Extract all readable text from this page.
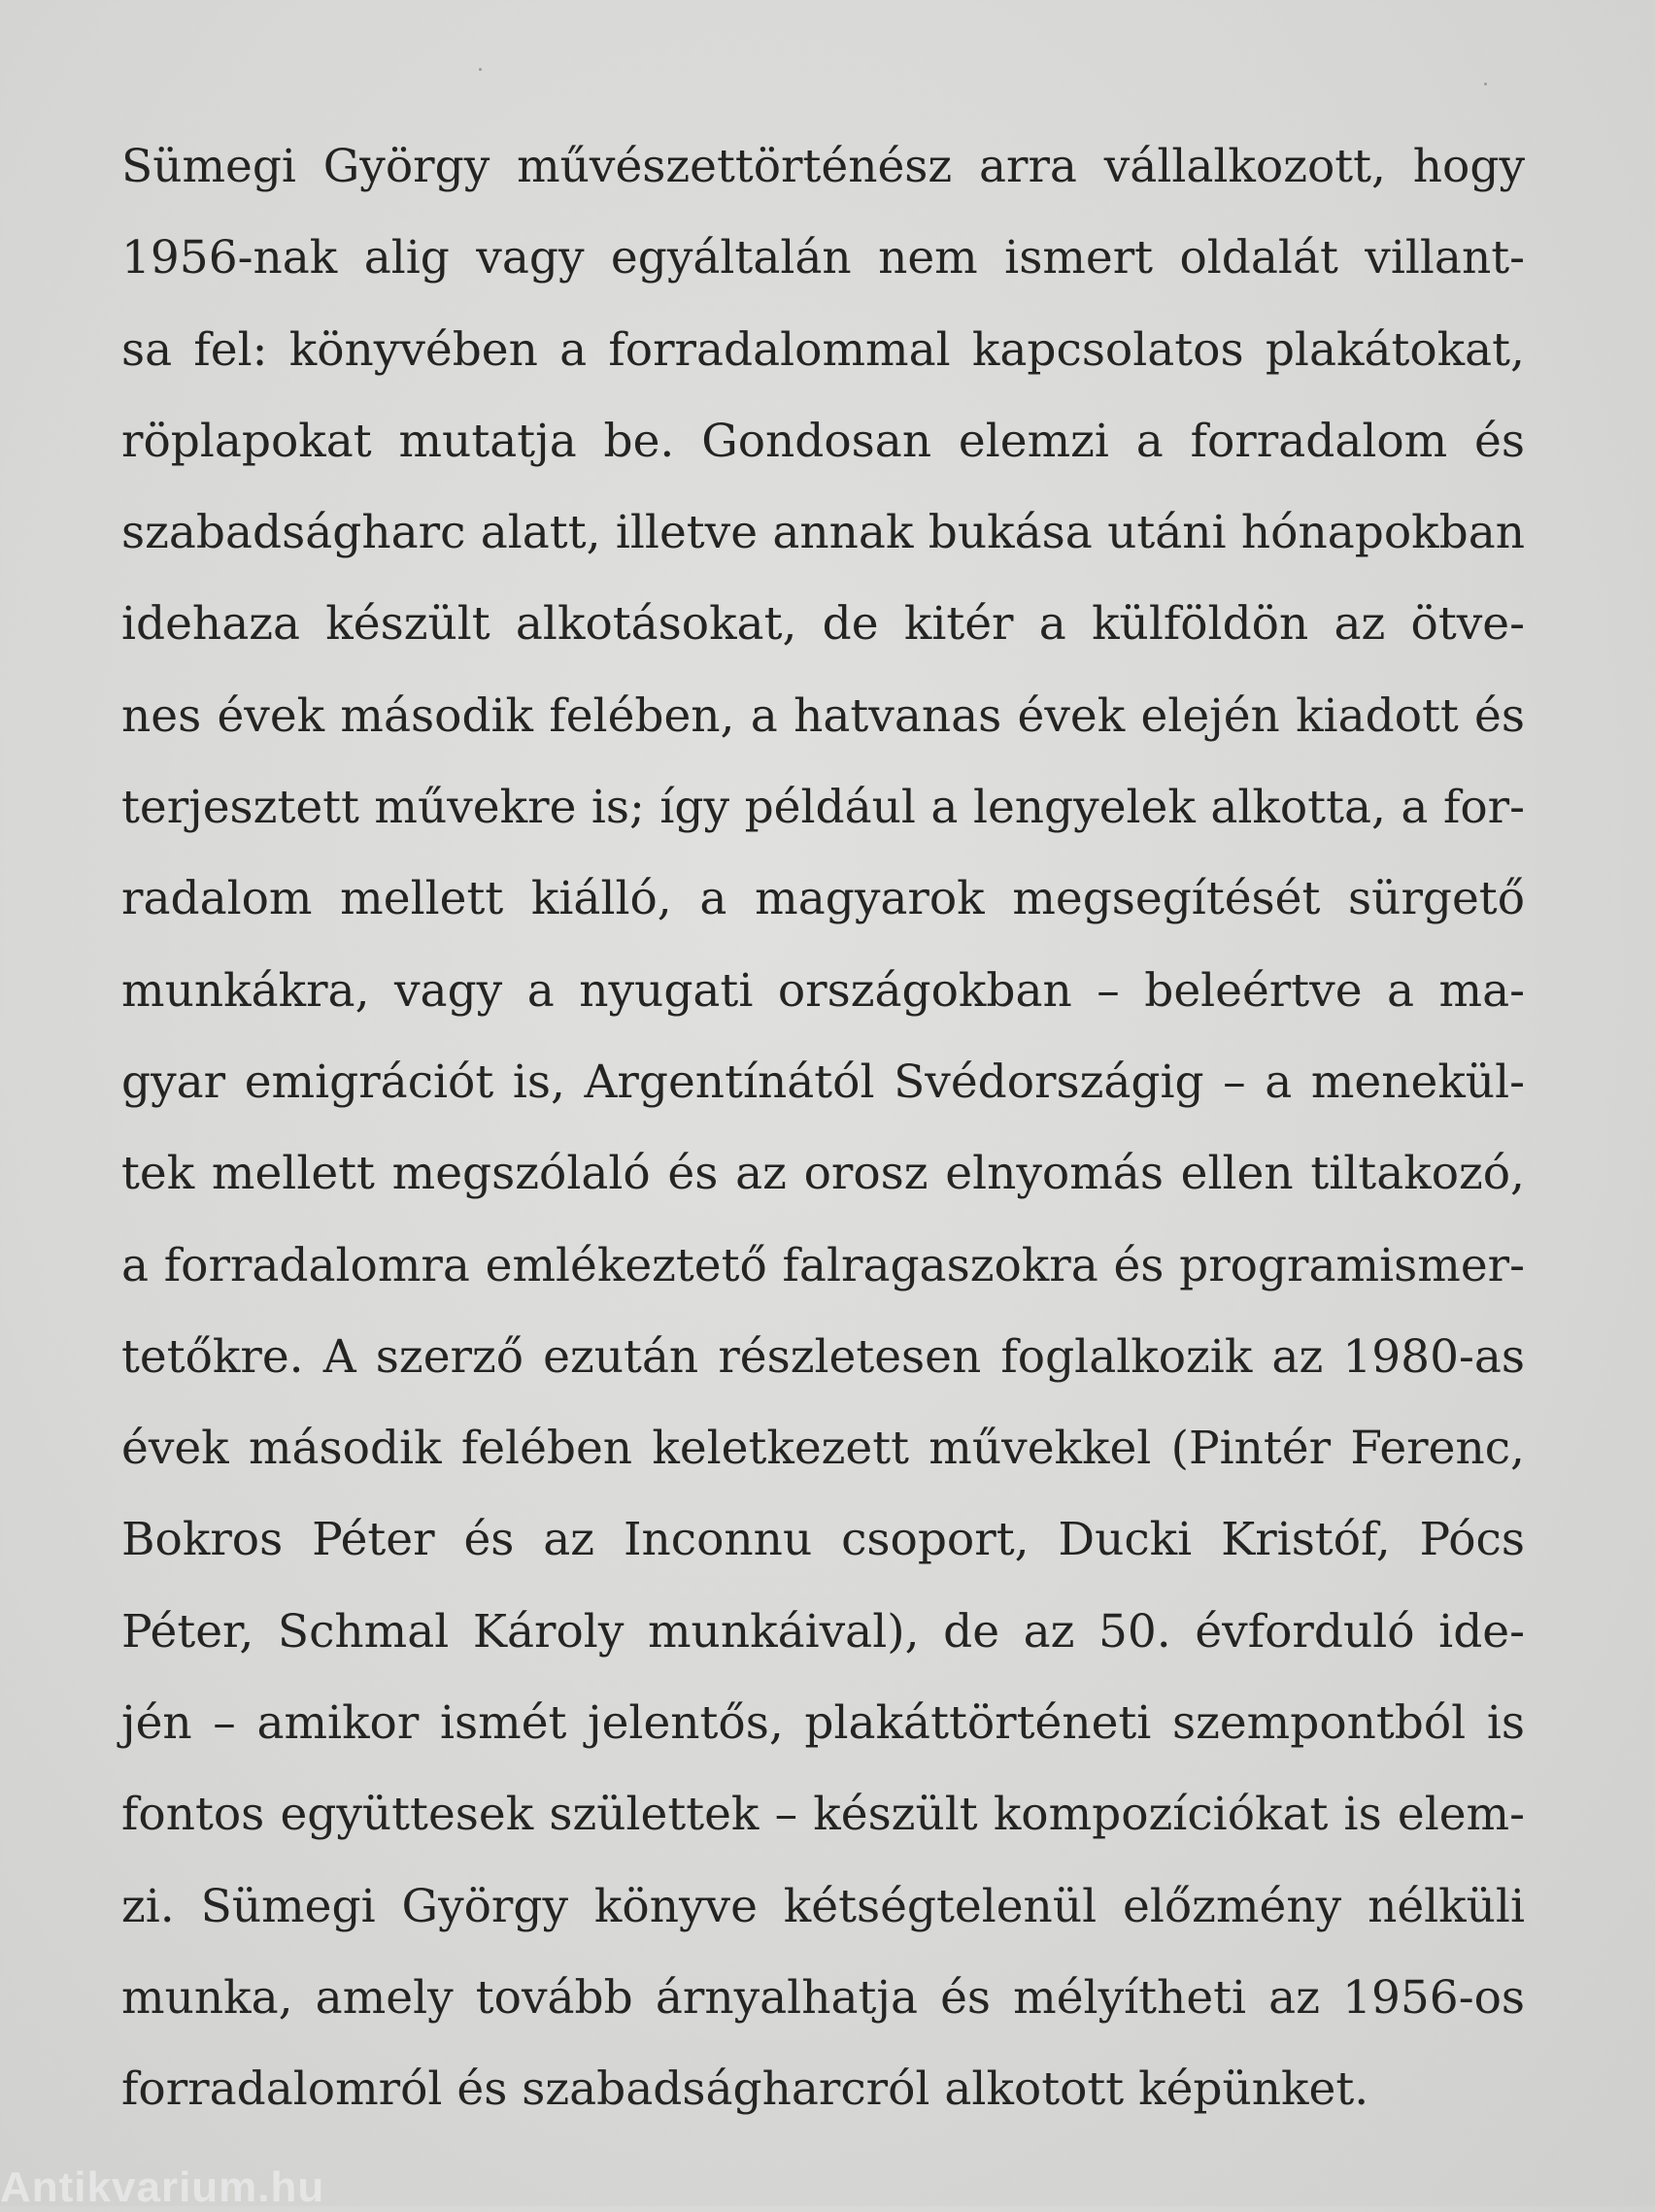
Sümegi György művészettörténész arra vállalkozott, hogy
1956-nak alig vagy egyáltalán nem ismert oldalát villant-
sa fel: könyvében a forradalommal kapcsolatos plakátokat,
röplapokat mutatja be. Gondosan elemzi a forradalom és
szabadságharc alatt, illetve annak bukása utáni hónapokban
idehaza készült alkotásokat, de kitér a külföldön az ötve-
nes évek második felében, a hatvanas évek elején kiadott és
terjesztett művekre is; így például a lengyelek alkotta, a for-
radalom mellett kiálló, a magyarok megsegítését sürgető
munkákra, vagy a nyugati országokban – beleértve a ma-
gyar emigrációt is, Argentínától Svédországig – a menekül-
tek mellett megszólaló és az orosz elnyomás ellen tiltakozó,
a forradalomra emlékeztető falragaszokra és programismer-
tetőkre. A szerző ezután részletesen foglalkozik az 1980-as
évek második felében keletkezett művekkel (Pintér Ferenc,
Bokros Péter és az Inconnu csoport, Ducki Kristóf, Pócs
Péter, Schmal Károly munkáival), de az 50. évforduló ide-
jén – amikor ismét jelentős, plakáttörténeti szempontból is
fontos együttesek születtek – készült kompozíciókat is elem-
zi. Sümegi György könyve kétségtelenül előzmény nélküli
munka, amely tovább árnyalhatja és mélyítheti az 1956-os
forradalomról és szabadságharcról alkotott képünket.
Antikvarium.hu
